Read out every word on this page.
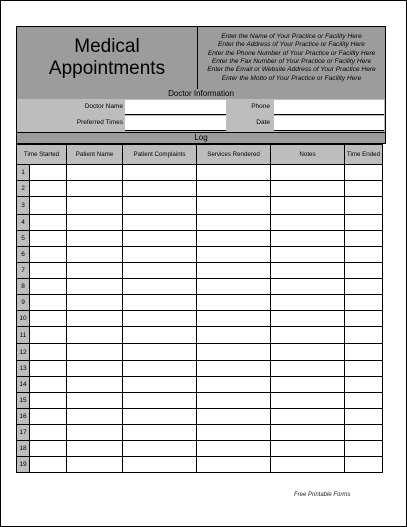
Medical
Appointments
Enter the Name of Your Practice or Facility Here
Enter the Address of Your Practice or Facility Here
Enter the Phone Number of Your Practice or Facility Here
Enter the Fax Number of Your Practice or Facility Here
Enter the Email or Website Address of Your Practice Here
Enter the Motto of Your Practice or Facility Here
Doctor Information
Doctor Name	Phone
Preferred Times	Date
Log
Time Started		Patient Name	Patient Complaints	Services Rendered	Notes	Time Ended
1						
2						
3						
4						
5						
6						
7						
8						
9						
10						
11						
12						
13						
14						
15						
16						
17						
18						
19						
Free Printable Forms
